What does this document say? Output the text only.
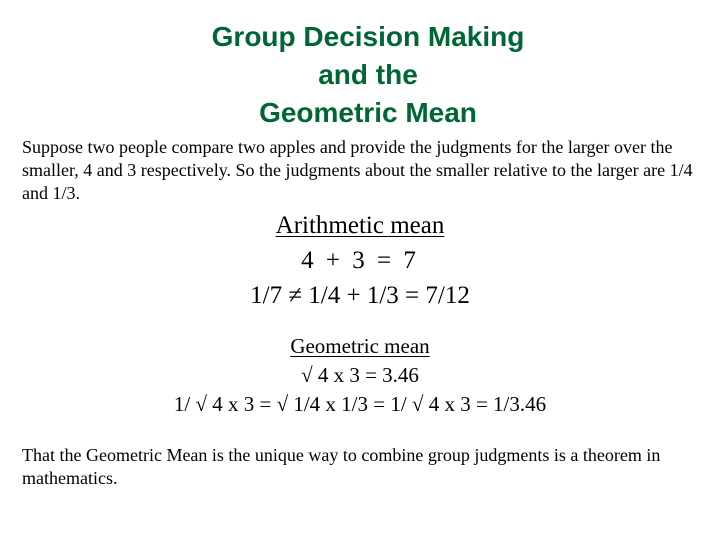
Group Decision Making
and the
Geometric Mean

Suppose two people compare two apples and provide the judgments for the larger over the smaller, 4 and 3 respectively. So the judgments about the smaller relative to the larger are 1/4 and 1/3.

Arithmetic mean
4 + 3 = 7
1/7 ≠ 1/4 + 1/3 = 7/12
Geometric mean
√ 4 x 3 = 3.46
1/ √ 4 x 3 = √ 1/4 x 1/3 = 1/ √ 4 x 3 = 1/3.46

That the Geometric Mean is the unique way to combine group judgments is a theorem in mathematics.
